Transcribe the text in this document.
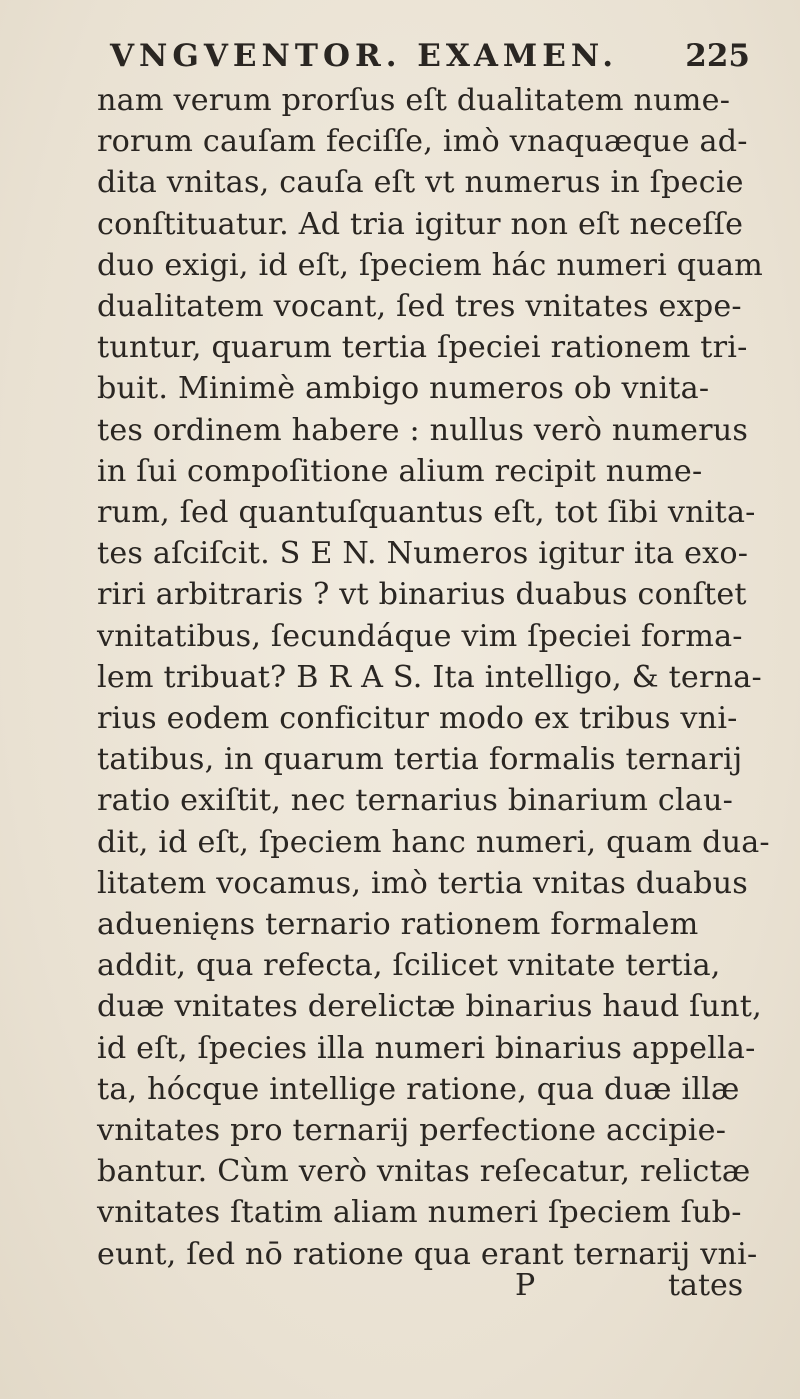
VNGVENTOR. EXAMEN. 225
nam verum prorſus eſt dualitatem nume-
rorum cauſam feciſſe, imò vnaquæque ad-
dita vnitas, cauſa eſt vt numerus in ſpecie
conſtituatur. Ad tria igitur non eſt neceſſe
duo exigi, id eſt, ſpeciem hác numeri quam
dualitatem vocant, ſed tres vnitates expe-
tuntur, quarum tertia ſpeciei rationem tri-
buit. Minimè ambigo numeros ob vnita-
tes ordinem habere : nullus verò numerus
in ſui compoſitione alium recipit nume-
rum, ſed quantuſquantus eſt, tot ſibi vnita-
tes aſciſcit. S E N. Numeros igitur ita exo-
riri arbitraris ? vt binarius duabus conſtet
vnitatibus, ſecundáque vim ſpeciei forma-
lem tribuat? B R A S. Ita intelligo, & terna-
rius eodem conficitur modo ex tribus vni-
tatibus, in quarum tertia formalis ternarij
ratio exiſtit, nec ternarius binarium clau-
dit, id eſt, ſpeciem hanc numeri, quam dua-
litatem vocamus, imò tertia vnitas duabus
aduenięns ternario rationem formalem
addit, qua refecta, ſcilicet vnitate tertia,
duæ vnitates derelictæ binarius haud ſunt,
id eſt, ſpecies illa numeri binarius appella-
ta, hócque intellige ratione, qua duæ illæ
vnitates pro ternarij perfectione accipie-
bantur. Cùm verò vnitas reſecatur, relictæ
vnitates ſtatim aliam numeri ſpeciem ſub-
eunt, ſed nō ratione qua erant ternarij vni-
P	tates
